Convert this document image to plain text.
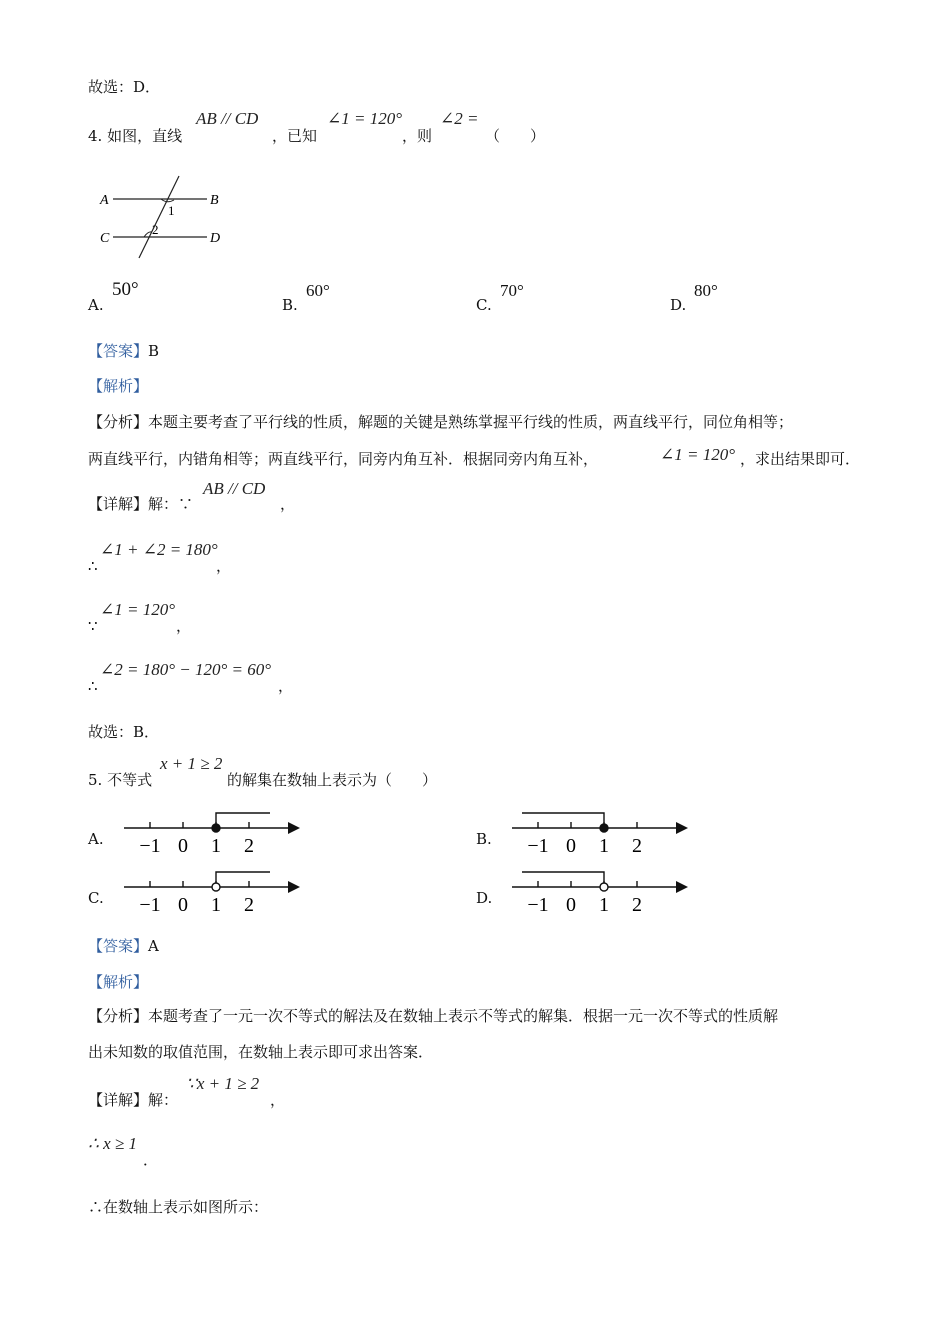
故选：D．
4. 如图，直线
AB // CD
，已知
∠1 = 120°
，则
∠2 =
（　　）
A	B
C	D
1
2
A.
50°
B.
60°
C.
70°
D.
80°
【答案】B
【解析】
【分析】本题主要考查了平行线的性质，解题的关键是熟练掌握平行线的性质，两直线平行，同位角相等；
两直线平行，内错角相等；两直线平行，同旁内角互补．根据同旁内角互补，	∠1 = 120° ，求出结果即可．
【详解】解：∵
AB // CD
，
∴
∠1 + ∠2 = 180°
，
∵
∠1 = 120°
，
∴
∠2 = 180° − 120° = 60°
，
故选：B．
5. 不等式
x + 1 ≥ 2
的解集在数轴上表示为（　　）
A. −1 0 1 2	B. −1 0 1 2
C. −1 0 1 2	D. −1 0 1 2
【答案】A
【解析】
【分析】本题考查了一元一次不等式的解法及在数轴上表示不等式的解集．根据一元一次不等式的性质解
出未知数的取值范围，在数轴上表示即可求出答案．
【详解】解：
∵x + 1 ≥ 2
，
∴ x ≥ 1
．
∴在数轴上表示如图所示：
